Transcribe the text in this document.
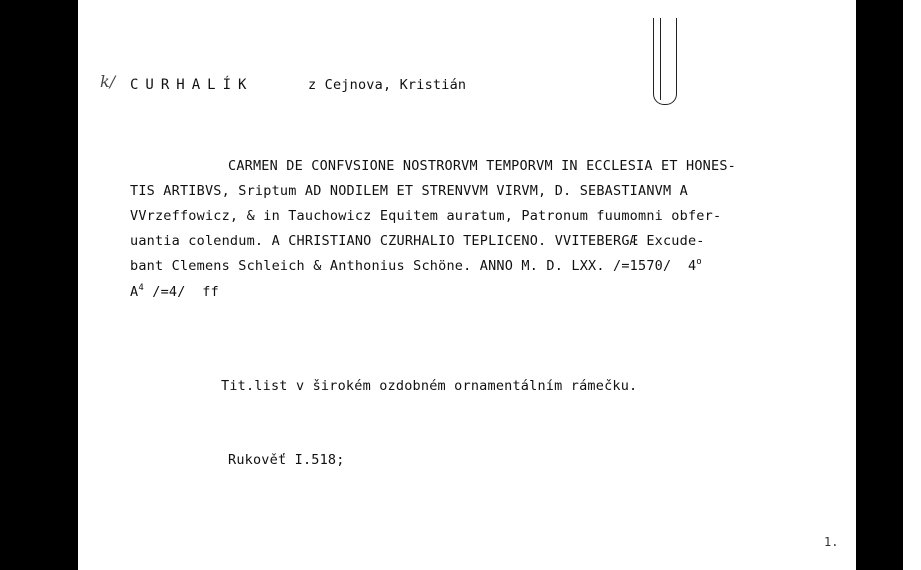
k/ CURHALÍK	z Cejnova, Kristián
CARMEN DE CONFVSIONE NOSTRORVM TEMPORVM IN ECCLESIA ET HONES-
TIS ARTIBVS, Sriptum AD NODILEM ET STRENVVM VIRVM, D. SEBASTIANVM A
VVrzeffowicz, & in Tauchowicz Equitem auratum, Patronum fuumomni obfer-
uantia colendum. A CHRISTIANO CZURHALIO TEPLICENO. VVITEBERGÆ Excude-
bant Clemens Schleich & Anthonius Schöne. ANNO M. D. LXX. /=1570/  4$^o$
$A^4$ /=4/  ff
Tit.list v širokém ozdobném ornamentálním rámečku.
Rukověť I.518;
1.
